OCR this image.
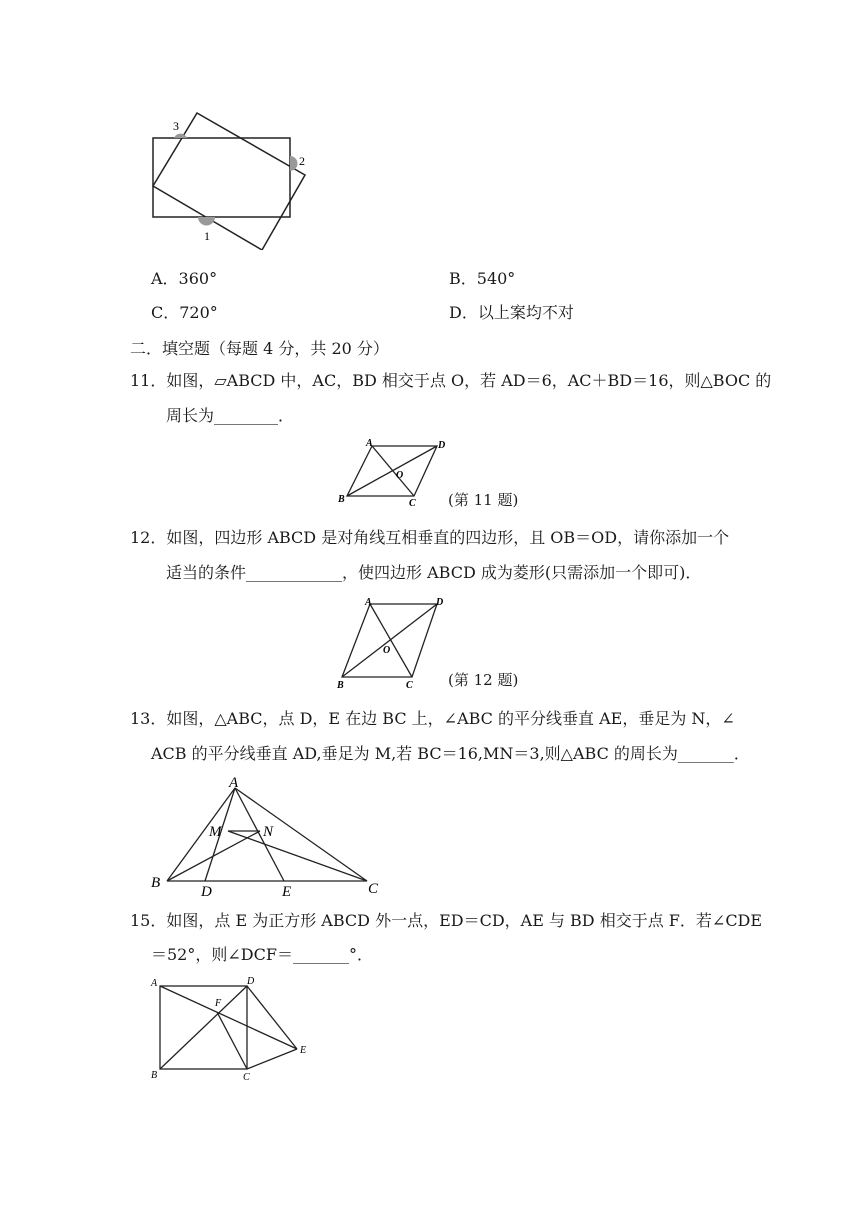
3
2
1
A．360°	B．540°
C．720°	D．以上案均不对
二．填空题（每题 4 分，共 20 分）
11．如图，▱ABCD 中，AC，BD 相交于点 O，若 AD＝6，AC＋BD＝16，则△BOC 的
周长为________．
A	D
B	C
O
(第 11 题)
12．如图，四边形 ABCD 是对角线互相垂直的四边形，且 OB＝OD，请你添加一个
适当的条件____________，使四边形 ABCD 成为菱形(只需添加一个即可)．
A	D
B	C
O
(第 12 题)
13．如图，△ABC，点 D，E 在边 BC 上，∠ABC 的平分线垂直 AE，垂足为 N，∠
ACB 的平分线垂直 AD,垂足为 M,若 BC＝16,MN＝3,则△ABC 的周长为_______．
A
B	C
D	E
M	N
15．如图，点 E 为正方形 ABCD 外一点，ED＝CD，AE 与 BD 相交于点 F．若∠CDE
＝52°，则∠DCF＝_______°．
A	D
B	C
E
F
